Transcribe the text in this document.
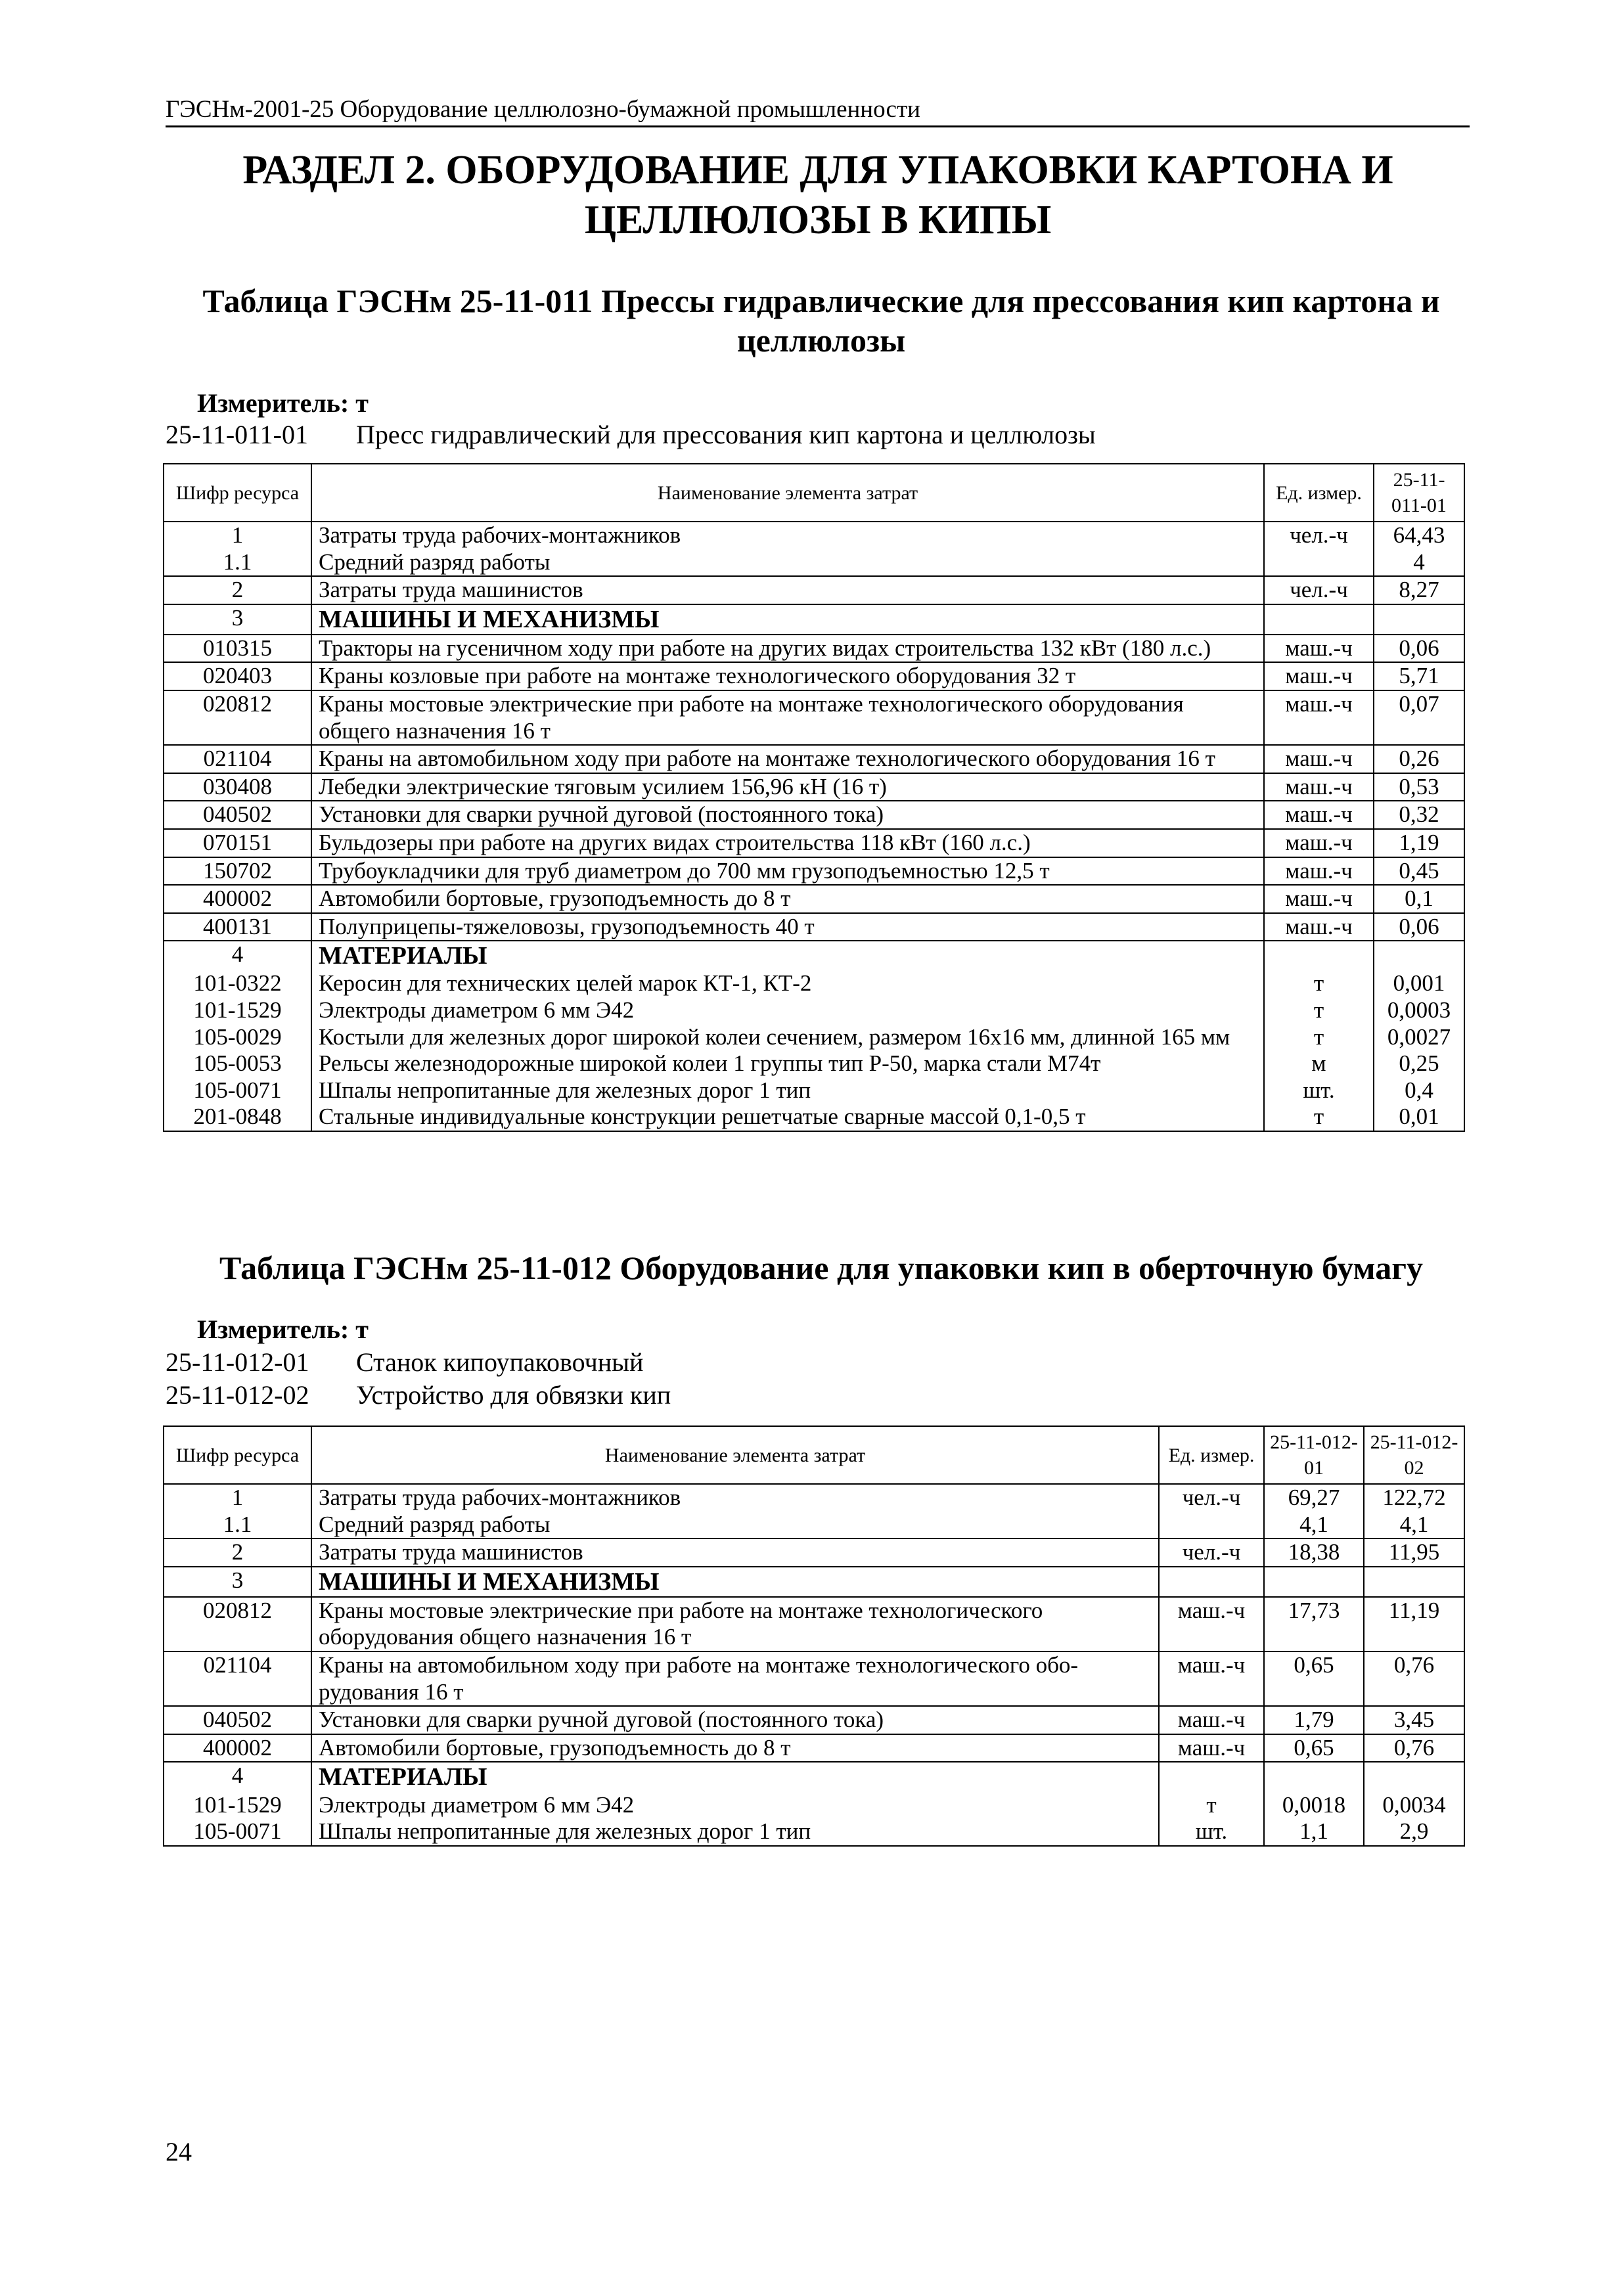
ГЭСНм-2001-25 Оборудование целлюлозно-бумажной промышленности
РАЗДЕЛ 2. ОБОРУДОВАНИЕ ДЛЯ УПАКОВКИ КАРТОНА И ЦЕЛЛЮЛОЗЫ В КИПЫ
Таблица ГЭСНм 25-11-011 Прессы гидравлические для прессования кип картона и целлюлозы
Измеритель: т
25-11-011-01 Пресс гидравлический для прессования кип картона и целлюлозы
Шифр ресурса	Наименование элемента затрат	Ед. измер.	25-11-011-01
1	Затраты труда рабочих-монтажников	чел.-ч	64,43
1.1	Средний разряд работы		4
2	Затраты труда машинистов	чел.-ч	8,27
3	МАШИНЫ И МЕХАНИЗМЫ		
010315	Тракторы на гусеничном ходу при работе на других видах строительства 132 кВт (180 л.с.)	маш.-ч	0,06
020403	Краны козловые при работе на монтаже технологического оборудования 32 т	маш.-ч	5,71
020812	Краны мостовые электрические при работе на монтаже технологического оборудования общего назначения 16 т	маш.-ч	0,07
021104	Краны на автомобильном ходу при работе на монтаже технологического оборудования 16 т	маш.-ч	0,26
030408	Лебедки электрические тяговым усилием 156,96 кН (16 т)	маш.-ч	0,53
040502	Установки для сварки ручной дуговой (постоянного тока)	маш.-ч	0,32
070151	Бульдозеры при работе на других видах строительства 118 кВт (160 л.с.)	маш.-ч	1,19
150702	Трубоукладчики для труб диаметром до 700 мм грузоподъемностью 12,5 т	маш.-ч	0,45
400002	Автомобили бортовые, грузоподъемность до 8 т	маш.-ч	0,1
400131	Полуприцепы-тяжеловозы, грузоподъемность 40 т	маш.-ч	0,06
4	МАТЕРИАЛЫ		
101-0322	Керосин для технических целей марок КТ-1, КТ-2	т	0,001
101-1529	Электроды диаметром 6 мм Э42	т	0,0003
105-0029	Костыли для железных дорог широкой колеи сечением, размером 16х16 мм, длинной 165 мм	т	0,0027
105-0053	Рельсы железнодорожные широкой колеи 1 группы тип Р-50, марка стали М74т	м	0,25
105-0071	Шпалы непропитанные для железных дорог 1 тип	шт.	0,4
201-0848	Стальные индивидуальные конструкции решетчатые сварные массой 0,1-0,5 т	т	0,01
Таблица ГЭСНм 25-11-012 Оборудование для упаковки кип в оберточную бумагу
Измеритель: т
25-11-012-01 Станок кипоупаковочный
25-11-012-02 Устройство для обвязки кип
Шифр ресурса	Наименование элемента затрат	Ед. измер.	25-11-012-01	25-11-012-02
1	Затраты труда рабочих-монтажников	чел.-ч	69,27	122,72
1.1	Средний разряд работы		4,1	4,1
2	Затраты труда машинистов	чел.-ч	18,38	11,95
3	МАШИНЫ И МЕХАНИЗМЫ			
020812	Краны мостовые электрические при работе на монтаже технологического оборудования общего назначения 16 т	маш.-ч	17,73	11,19
021104	Краны на автомобильном ходу при работе на монтаже технологического обо-рудования 16 т	маш.-ч	0,65	0,76
040502	Установки для сварки ручной дуговой (постоянного тока)	маш.-ч	1,79	3,45
400002	Автомобили бортовые, грузоподъемность до 8 т	маш.-ч	0,65	0,76
4	МАТЕРИАЛЫ			
101-1529	Электроды диаметром 6 мм Э42	т	0,0018	0,0034
105-0071	Шпалы непропитанные для железных дорог 1 тип	шт.	1,1	2,9
24
